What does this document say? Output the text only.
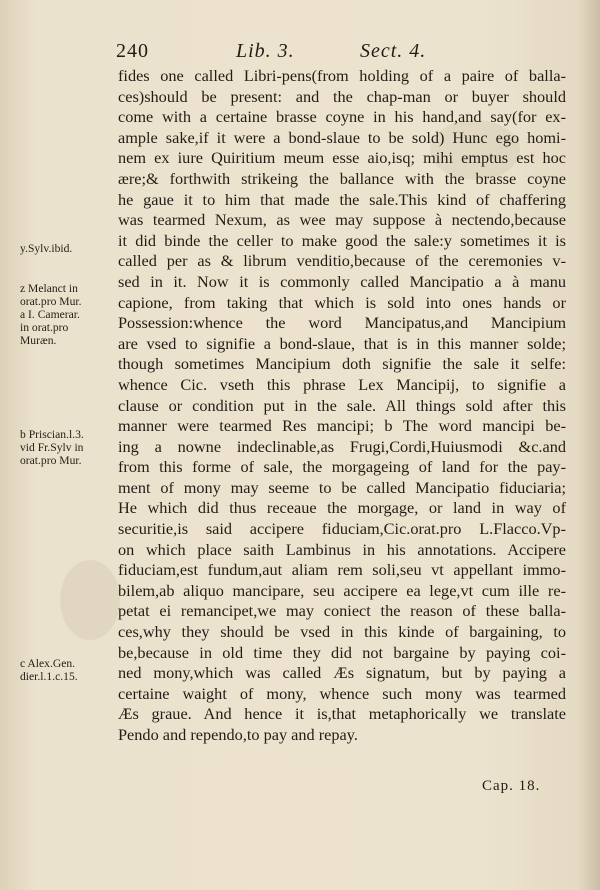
240	Lib. 3.	Sect. 4.
fides one called Libri-pens(from holding of a paire of balla-
ces)should be present: and the chap-man or buyer should
come with a certaine brasse coyne in his hand,and say(for ex-
ample sake,if it were a bond-slaue to be sold) Hunc ego homi-
nem ex iure Quiritium meum esse aio,isq; mihi emptus est hoc
ære;& forthwith strikeing the ballance with the brasse coyne
he gaue it to him that made the sale.This kind of chaffering
was tearmed Nexum, as wee may suppose à nectendo,because
it did binde the celler to make good the sale:y sometimes it is
called per as & librum venditio,because of the ceremonies v-
sed in it. Now it is commonly called Mancipatio a à manu
capione, from taking that which is sold into ones hands or
Possession:whence the word Mancipatus,and Mancipium
are vsed to signifie a bond-slaue, that is in this manner solde;
though sometimes Mancipium doth signifie the sale it selfe:
whence Cic. vseth this phrase Lex Mancipij, to signifie a
clause or condition put in the sale. All things sold after this
manner were tearmed Res mancipi; b The word mancipi be-
ing a nowne indeclinable,as Frugi,Cordi,Huiusmodi &c.and
from this forme of sale, the morgageing of land for the pay-
ment of mony may seeme to be called Mancipatio fiduciaria;
He which did thus receaue the morgage, or land in way of
securitie,is said accipere fiduciam,Cic.orat.pro L.Flacco.Vp-
on which place saith Lambinus in his annotations. Accipere
fiduciam,est fundum,aut aliam rem soli,seu vt appellant immo-
bilem,ab aliquo mancipare, seu accipere ea lege,vt cum ille re-
petat ei remancipet,we may coniect the reason of these balla-
ces,why they should be vsed in this kinde of bargaining, to
be,because in old time they did not bargaine by paying coi-
ned mony,which was called Æs signatum, but by paying a
certaine waight of mony, whence such mony was tearmed
Æs graue. And hence it is,that metaphorically we translate
Pendo and rependo,to pay and repay.
y.Sylv.ibid.
z Melanct in
orat.pro Mur.
a I. Camerar.
in orat.pro
Muræn.
b Priscian.l.3.
vid Fr.Sylv in
orat.pro Mur.
c Alex.Gen.
dier.l.1.c.15.
Cap. 18.
